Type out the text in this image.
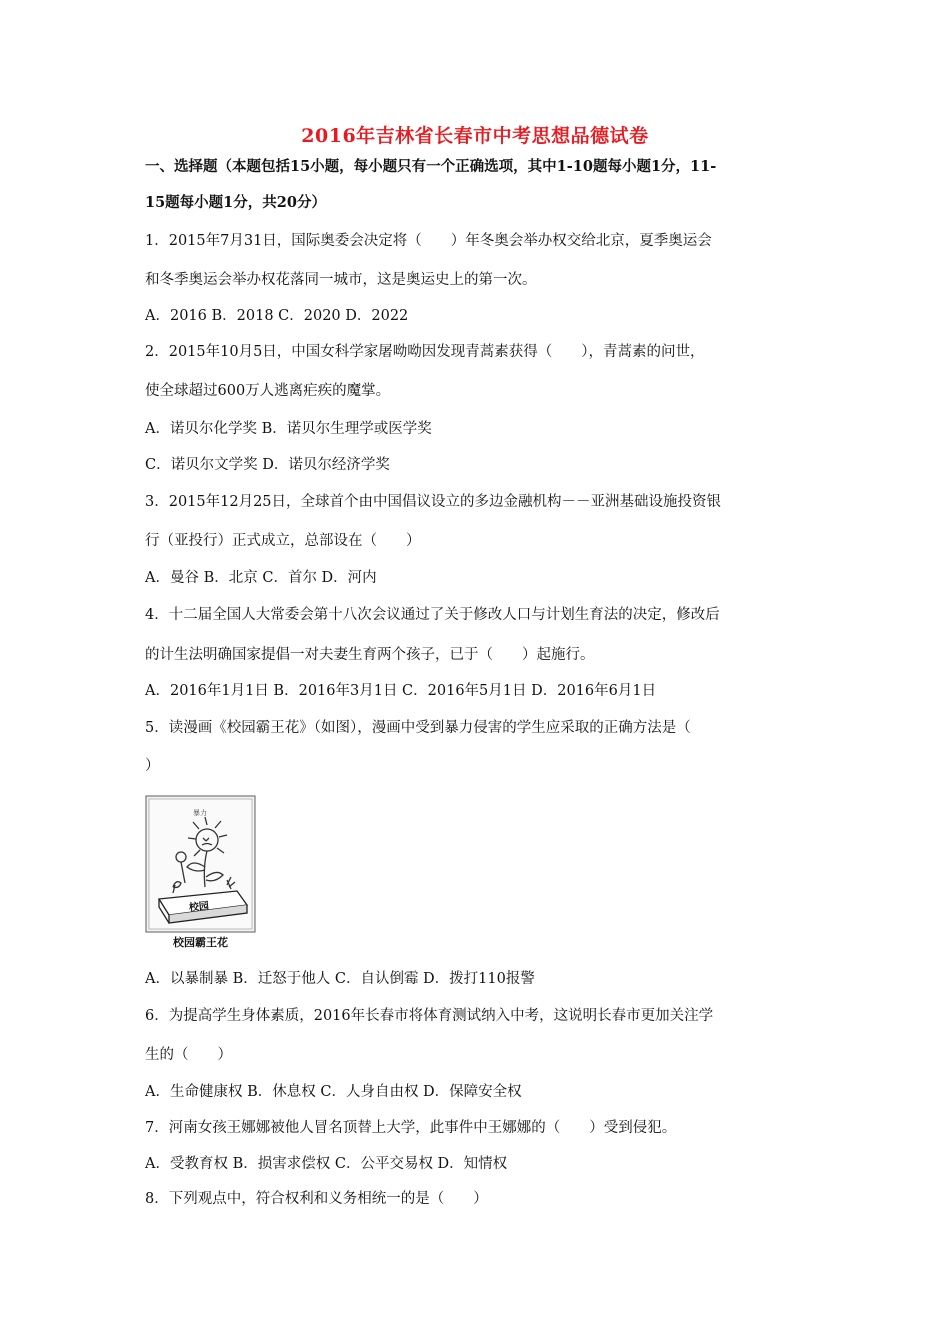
2016年吉林省长春市中考思想品德试卷
一、选择题（本题包括15小题，每小题只有一个正确选项，其中1-10题每小题1分，11-
15题每小题1分，共20分）
1．2015年7月31日，国际奥委会决定将（　　）年冬奥会举办权交给北京，夏季奥运会
和冬季奥运会举办权花落同一城市，这是奥运史上的第一次。
A．2016 B．2018 C．2020 D．2022
2．2015年10月5日，中国女科学家屠呦呦因发现青蒿素获得（　　），青蒿素的问世，
使全球超过600万人逃离疟疾的魔掌。
A．诺贝尔化学奖 B．诺贝尔生理学或医学奖
C．诺贝尔文学奖 D．诺贝尔经济学奖
3．2015年12月25日，全球首个由中国倡议设立的多边金融机构－－亚洲基础设施投资银
行（亚投行）正式成立，总部设在（　　）
A．曼谷 B．北京 C．首尔 D．河内
4．十二届全国人大常委会第十八次会议通过了关于修改人口与计划生育法的决定，修改后
的计生法明确国家提倡一对夫妻生育两个孩子，已于（　　）起施行。
A．2016年1月1日 B．2016年3月1日 C．2016年5月1日 D．2016年6月1日
5．读漫画《校园霸王花》（如图），漫画中受到暴力侵害的学生应采取的正确方法是（
）
校园
暴力
校园霸王花
A．以暴制暴 B．迁怒于他人 C．自认倒霉 D．拨打110报警
6．为提高学生身体素质，2016年长春市将体育测试纳入中考，这说明长春市更加关注学
生的（　　）
A．生命健康权 B．休息权 C．人身自由权 D．保障安全权
7．河南女孩王娜娜被他人冒名顶替上大学，此事件中王娜娜的（　　）受到侵犯。
A．受教育权 B．损害求偿权 C．公平交易权 D．知情权
8．下列观点中，符合权利和义务相统一的是（　　）
